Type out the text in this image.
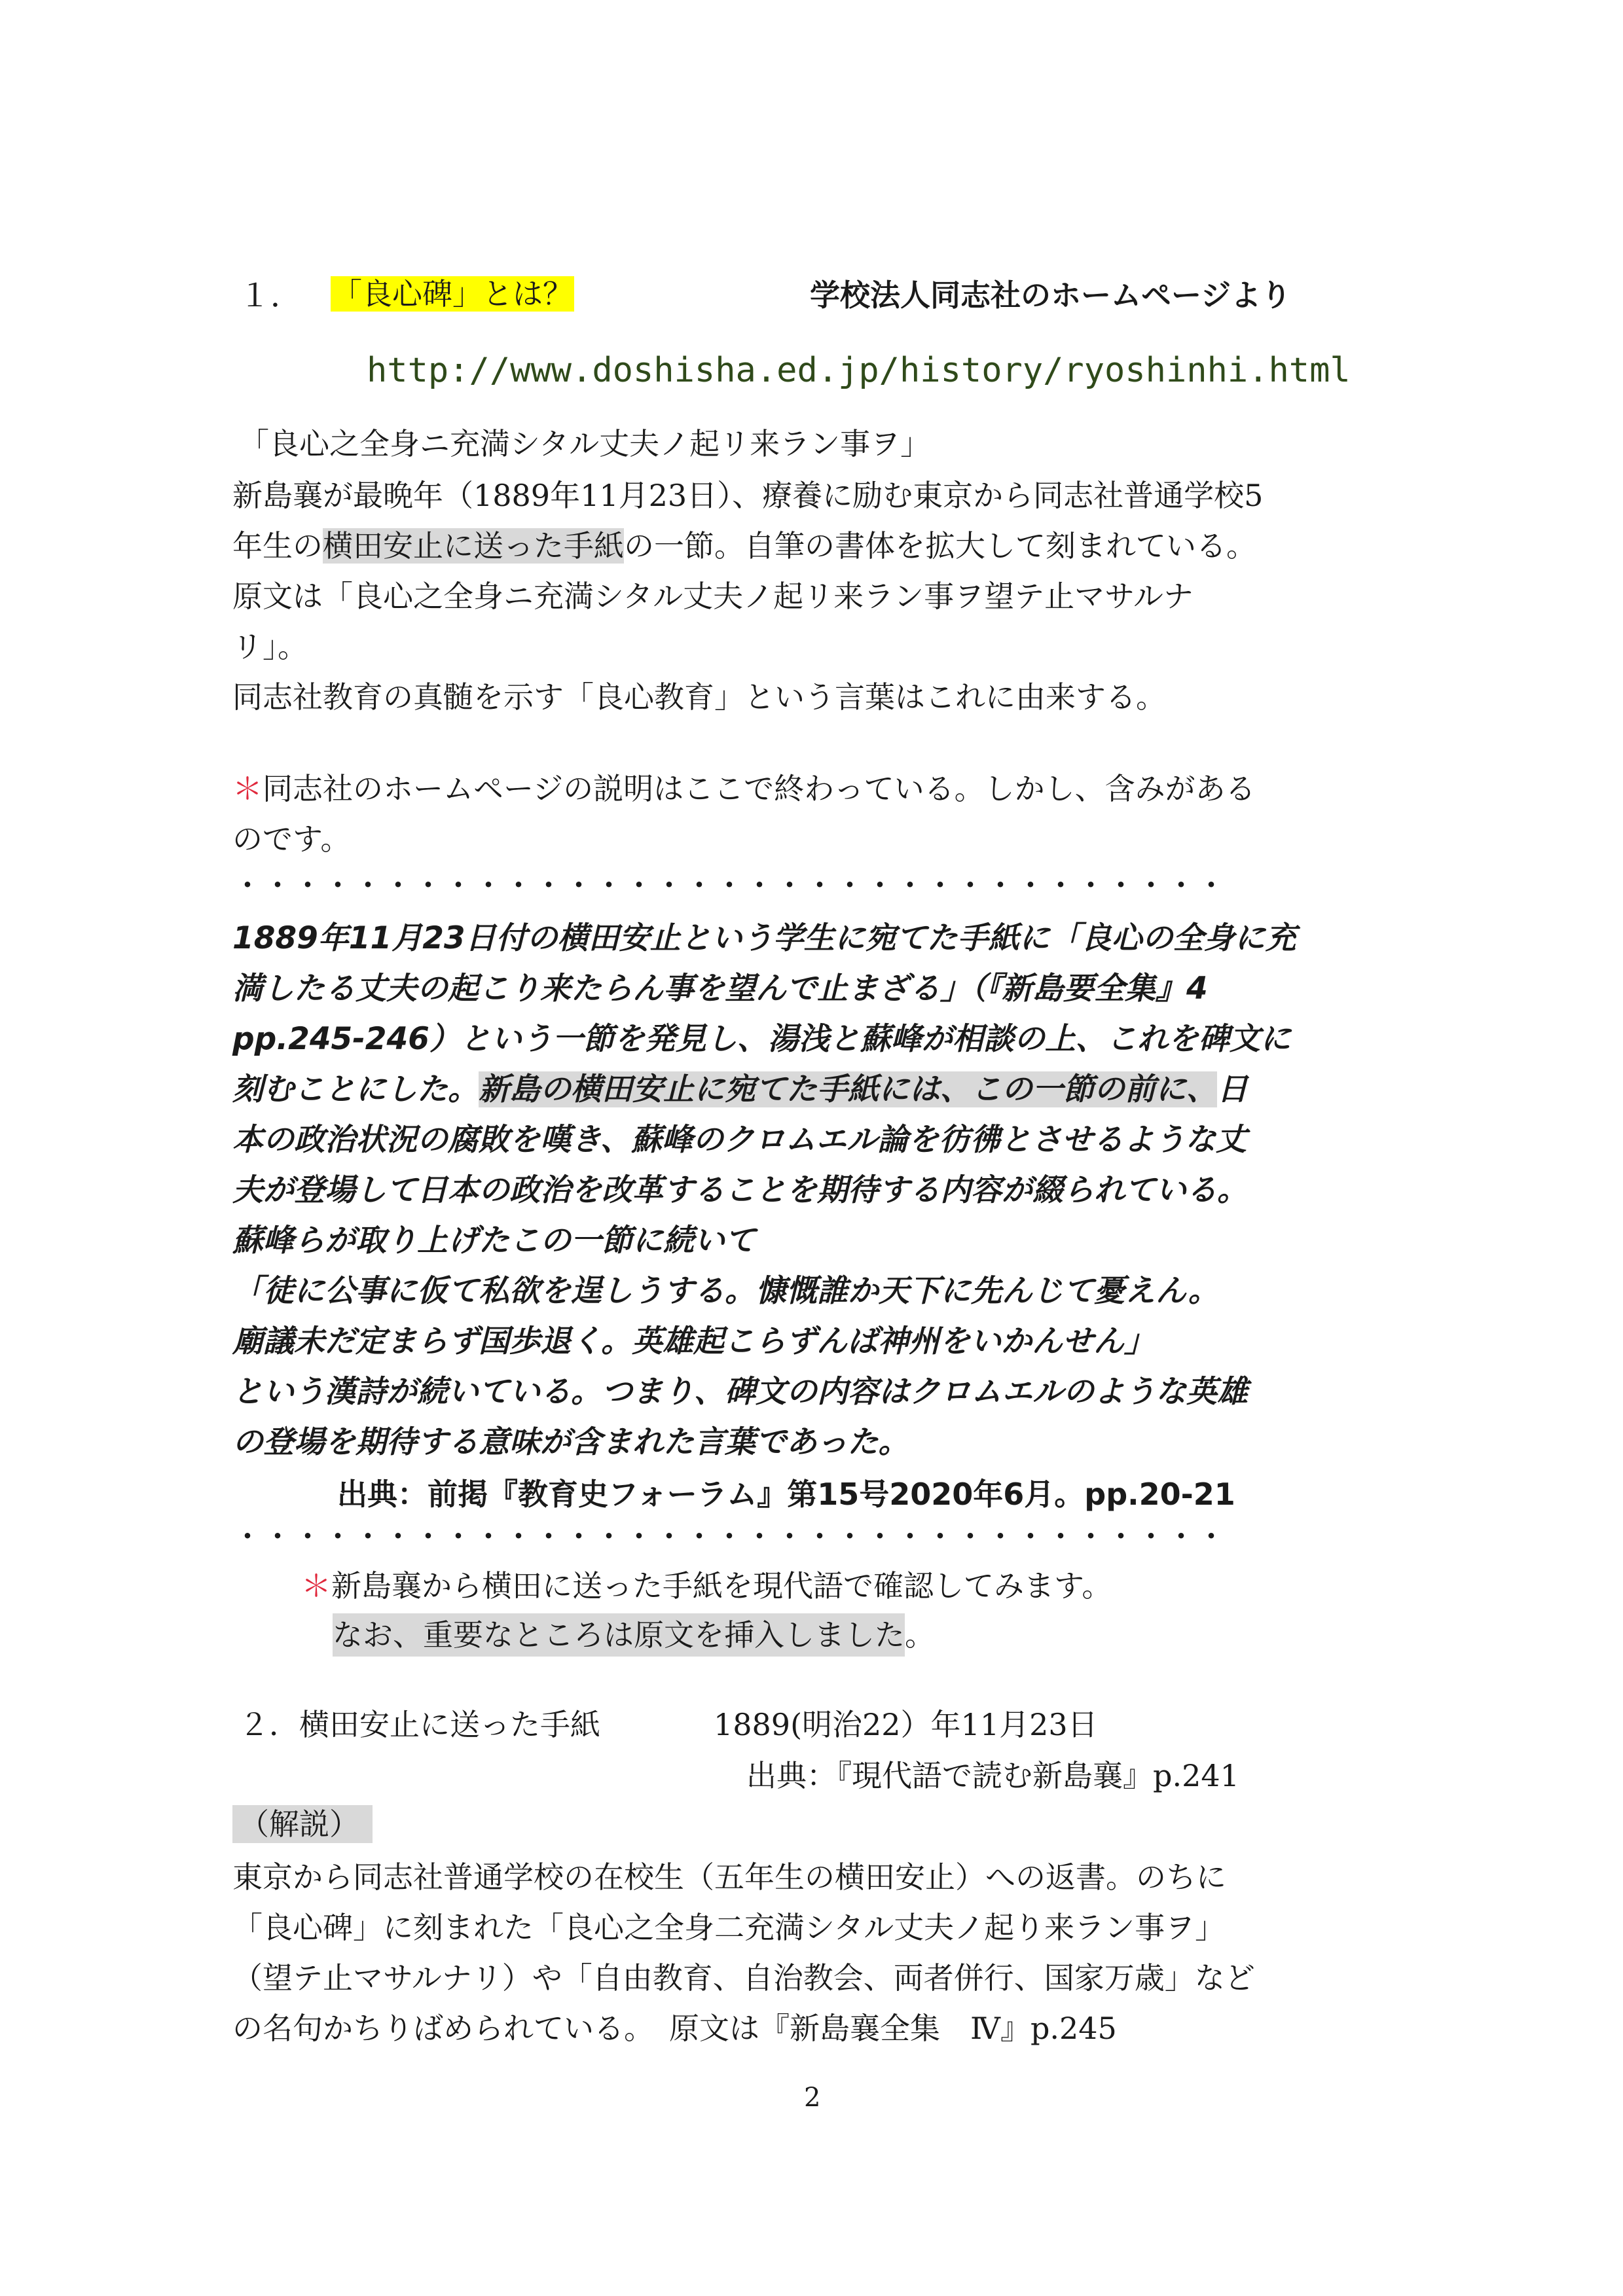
１． 「良心碑」とは？	学校法人同志社のホームページより
http://www.doshisha.ed.jp/history/ryoshinhi.html
「良心之全身ニ充満シタル丈夫ノ起リ来ラン事ヲ」
新島襄が最晩年（1889年11月23日）、療養に励む東京から同志社普通学校5
年生の横田安止に送った手紙の一節。自筆の書体を拡大して刻まれている。
原文は「良心之全身ニ充満シタル丈夫ノ起リ来ラン事ヲ望テ止マサルナ
リ」。
同志社教育の真髄を示す「良心教育」という言葉はこれに由来する。
＊同志社のホームページの説明はここで終わっている。しかし、含みがある
のです。
・・・・・・・・・・・・・・・・・・・・・・・・・・・・・・・・・
1889年11月23日付の横田安止という学生に宛てた手紙に「良心の全身に充
満したる丈夫の起こり来たらん事を望んで止まざる」（『新島要全集』4
pp.245-246）という一節を発見し、湯浅と蘇峰が相談の上、これを碑文に
刻むことにした。新島の横田安止に宛てた手紙には、この一節の前に、日
本の政治状況の腐敗を嘆き、蘇峰のクロムエル論を彷彿とさせるような丈
夫が登場して日本の政治を改革することを期待する内容が綴られている。
蘇峰らが取り上げたこの一節に続いて
「徒に公事に仮て私欲を逞しうする。慷慨誰か天下に先んじて憂えん。
廟議未だ定まらず国歩退く。英雄起こらずんば神州をいかんせん」
という漢詩が続いている。つまり、碑文の内容はクロムエルのような英雄
の登場を期待する意味が含まれた言葉であった。
出典：前掲『教育史フォーラム』第15号2020年6月。pp.20-21
・・・・・・・・・・・・・・・・・・・・・・・・・・・・・・・・・
＊新島襄から横田に送った手紙を現代語で確認してみます。
なお、重要なところは原文を挿入しました。
２．横田安止に送った手紙	1889(明治22）年11月23日
出典：『現代語で読む新島襄』p.241
（解説）
東京から同志社普通学校の在校生（五年生の横田安止）への返書。のちに
「良心碑」に刻まれた「良心之全身二充満シタル丈夫ノ起り来ラン事ヲ」
（望テ止マサルナリ）や「自由教育、自治教会、両者併行、国家万歳」など
の名句かちりばめられている。　原文は『新島襄全集　Ⅳ』p.245
2
